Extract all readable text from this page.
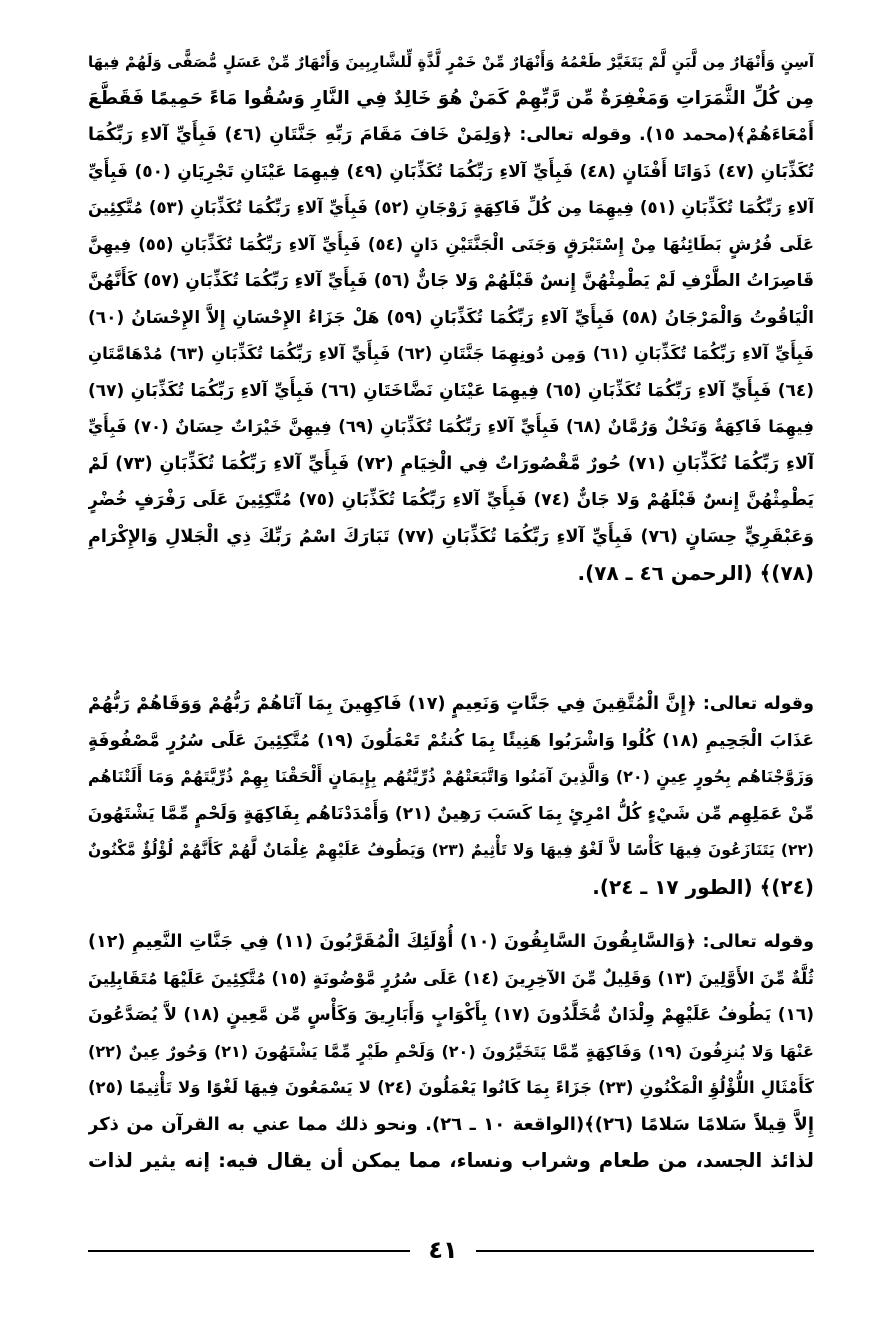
آسِنٍ وَأَنْهَارٌ مِن لَّبَنٍ لَّمْ يَتَغَيَّرْ طَعْمُهُ وَأَنْهَارٌ مِّنْ خَمْرٍ لَّذَّةٍ لِّلشَّارِبِينَ وَأَنْهَارٌ مِّنْ عَسَلٍ مُّصَفًّى وَلَهُمْ فِيهَا
مِن كُلِّ الثَّمَرَاتِ وَمَغْفِرَةٌ مِّن رَّبِّهِمْ كَمَنْ هُوَ خَالِدٌ فِي النَّارِ وَسُقُوا مَاءً حَمِيمًا فَقَطَّعَ
أَمْعَاءَهُمْ﴾(محمد ١٥). وقوله تعالى: ﴿وَلِمَنْ خَافَ مَقَامَ رَبِّهِ جَنَّتَانِ (٤٦) فَبِأَيِّ آلاءِ رَبِّكُمَا
تُكَذِّبَانِ (٤٧) ذَوَاتَا أَفْنَانٍ (٤٨) فَبِأَيِّ آلاءِ رَبِّكُمَا تُكَذِّبَانِ (٤٩) فِيهِمَا عَيْنَانِ تَجْرِيَانِ (٥٠) فَبِأَيِّ
آلاءِ رَبِّكُمَا تُكَذِّبَانِ (٥١) فِيهِمَا مِن كُلِّ فَاكِهَةٍ زَوْجَانِ (٥٢) فَبِأَيِّ آلاءِ رَبِّكُمَا تُكَذِّبَانِ (٥٣) مُتَّكِئِينَ
عَلَى فُرُشٍ بَطَائِنُهَا مِنْ إِسْتَبْرَقٍ وَجَنَى الْجَنَّتَيْنِ دَانٍ (٥٤) فَبِأَيِّ آلاءِ رَبِّكُمَا تُكَذِّبَانِ (٥٥) فِيهِنَّ
قَاصِرَاتُ الطَّرْفِ لَمْ يَطْمِثْهُنَّ إِنسٌ قَبْلَهُمْ وَلا جَانٌّ (٥٦) فَبِأَيِّ آلاءِ رَبِّكُمَا تُكَذِّبَانِ (٥٧) كَأَنَّهُنَّ
الْيَاقُوتُ وَالْمَرْجَانُ (٥٨) فَبِأَيِّ آلاءِ رَبِّكُمَا تُكَذِّبَانِ (٥٩) هَلْ جَزَاءُ الإِحْسَانِ إِلاَّ الإِحْسَانُ (٦٠)
فَبِأَيِّ آلاءِ رَبِّكُمَا تُكَذِّبَانِ (٦١) وَمِن دُونِهِمَا جَنَّتَانِ (٦٢) فَبِأَيِّ آلاءِ رَبِّكُمَا تُكَذِّبَانِ (٦٣) مُدْهَامَّتَانِ
(٦٤) فَبِأَيِّ آلاءِ رَبِّكُمَا تُكَذِّبَانِ (٦٥) فِيهِمَا عَيْنَانِ نَضَّاخَتَانِ (٦٦) فَبِأَيِّ آلاءِ رَبِّكُمَا تُكَذِّبَانِ (٦٧)
فِيهِمَا فَاكِهَةٌ وَنَخْلٌ وَرُمَّانٌ (٦٨) فَبِأَيِّ آلاءِ رَبِّكُمَا تُكَذِّبَانِ (٦٩) فِيهِنَّ خَيْرَاتٌ حِسَانٌ (٧٠) فَبِأَيِّ
آلاءِ رَبِّكُمَا تُكَذِّبَانِ (٧١) حُورٌ مَّقْصُورَاتٌ فِي الْخِيَامِ (٧٢) فَبِأَيِّ آلاءِ رَبِّكُمَا تُكَذِّبَانِ (٧٣) لَمْ
يَطْمِثْهُنَّ إِنسٌ قَبْلَهُمْ وَلا جَانٌّ (٧٤) فَبِأَيِّ آلاءِ رَبِّكُمَا تُكَذِّبَانِ (٧٥) مُتَّكِئِينَ عَلَى رَفْرَفٍ خُضْرٍ
وَعَبْقَرِيٍّ حِسَانٍ (٧٦) فَبِأَيِّ آلاءِ رَبِّكُمَا تُكَذِّبَانِ (٧٧) تَبَارَكَ اسْمُ رَبِّكَ ذِي الْجَلالِ وَالإِكْرَامِ
(٧٨)﴾ (الرحمن ٤٦ ـ ٧٨).
وقوله تعالى: ﴿إِنَّ الْمُتَّقِينَ فِي جَنَّاتٍ وَنَعِيمٍ (١٧) فَاكِهِينَ بِمَا آتَاهُمْ رَبُّهُمْ وَوَقَاهُمْ رَبُّهُمْ
عَذَابَ الْجَحِيمِ (١٨) كُلُوا وَاشْرَبُوا هَنِيئًا بِمَا كُنتُمْ تَعْمَلُونَ (١٩) مُتَّكِئِينَ عَلَى سُرُرٍ مَّصْفُوفَةٍ
وَزَوَّجْنَاهُم بِحُورٍ عِينٍ (٢٠) وَالَّذِينَ آمَنُوا وَاتَّبَعَتْهُمْ ذُرِّيَّتُهُم بِإِيمَانٍ أَلْحَقْنَا بِهِمْ ذُرِّيَّتَهُمْ وَمَا أَلَتْنَاهُم
مِّنْ عَمَلِهِم مِّن شَيْءٍ كُلُّ امْرِئٍ بِمَا كَسَبَ رَهِينٌ (٢١) وَأَمْدَدْنَاهُم بِفَاكِهَةٍ وَلَحْمٍ مِّمَّا يَشْتَهُونَ
(٢٢) يَتَنَازَعُونَ فِيهَا كَأْسًا لاَّ لَغْوٌ فِيهَا وَلا تَأْثِيمٌ (٢٣) وَيَطُوفُ عَلَيْهِمْ غِلْمَانٌ لَّهُمْ كَأَنَّهُمْ لُؤْلُؤٌ مَّكْنُونٌ
(٢٤)﴾ (الطور ١٧ ـ ٢٤).
وقوله تعالى: ﴿وَالسَّابِقُونَ السَّابِقُونَ (١٠) أُوْلَئِكَ الْمُقَرَّبُونَ (١١) فِي جَنَّاتِ النَّعِيمِ (١٢)
ثُلَّةٌ مِّنَ الأَوَّلِينَ (١٣) وَقَلِيلٌ مِّنَ الآخِرِينَ (١٤) عَلَى سُرُرٍ مَّوْضُونَةٍ (١٥) مُتَّكِئِينَ عَلَيْهَا مُتَقَابِلِينَ
(١٦) يَطُوفُ عَلَيْهِمْ وِلْدَانٌ مُّخَلَّدُونَ (١٧) بِأَكْوَابٍ وَأَبَارِيقَ وَكَأْسٍ مِّن مَّعِينٍ (١٨) لاَّ يُصَدَّعُونَ
عَنْهَا وَلا يُنزِفُونَ (١٩) وَفَاكِهَةٍ مِّمَّا يَتَخَيَّرُونَ (٢٠) وَلَحْمِ طَيْرٍ مِّمَّا يَشْتَهُونَ (٢١) وَحُورٌ عِينٌ (٢٢)
كَأَمْثَالِ اللُّؤْلُؤِ الْمَكْنُونِ (٢٣) جَزَاءً بِمَا كَانُوا يَعْمَلُونَ (٢٤) لا يَسْمَعُونَ فِيهَا لَغْوًا وَلا تَأْثِيمًا (٢٥)
إِلاَّ قِيلاً سَلامًا سَلامًا (٢٦)﴾(الواقعة ١٠ ـ ٢٦). ونحو ذلك مما عني به القرآن من ذكر
لذائذ الجسد، من طعام وشراب ونساء، مما يمكن أن يقال فيه: إنه يثير لذات
٤١
